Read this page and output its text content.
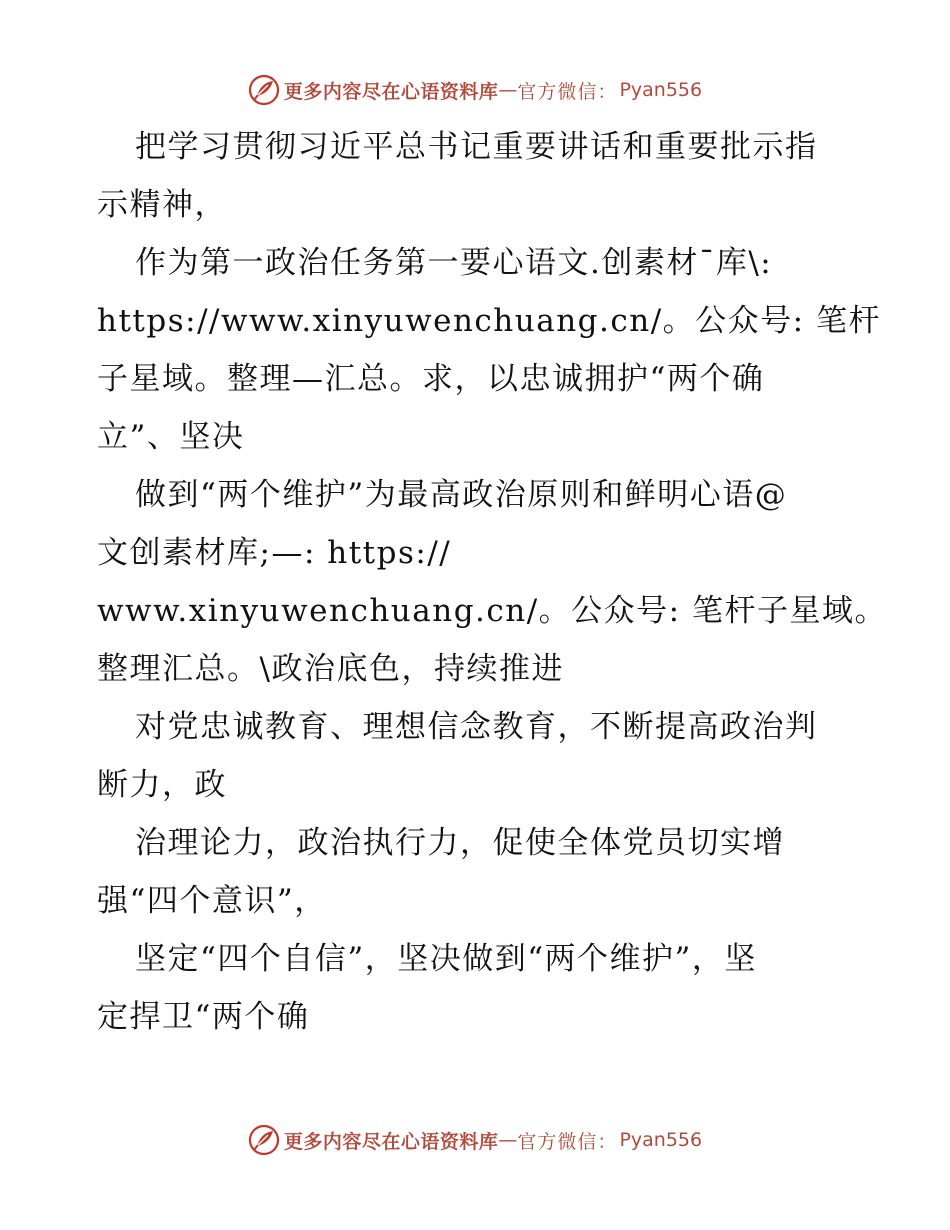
更多内容尽在心语资料库 — 官方微信： Pyan556
把学习贯彻习近平总书记重要讲话和重要批示指
示精神，
作为第一政治任务第一要心语文.创素材¯库\:
https://www.xinyuwenchuang.cn/。公众号: 笔杆
子星域。整理—汇总。求，以忠诚拥护“两个确
立”、坚决
做到“两个维护”为最高政治原则和鲜明心语@
文创素材库;—: https://
www.xinyuwenchuang.cn/。公众号: 笔杆子星域。
整理汇总。\政治底色，持续推进
对党忠诚教育、理想信念教育，不断提高政治判
断力，政
治理论力，政治执行力，促使全体党员切实增
强“四个意识”，
坚定“四个自信”，坚决做到“两个维护”，坚
定捍卫“两个确
更多内容尽在心语资料库 — 官方微信： Pyan556
